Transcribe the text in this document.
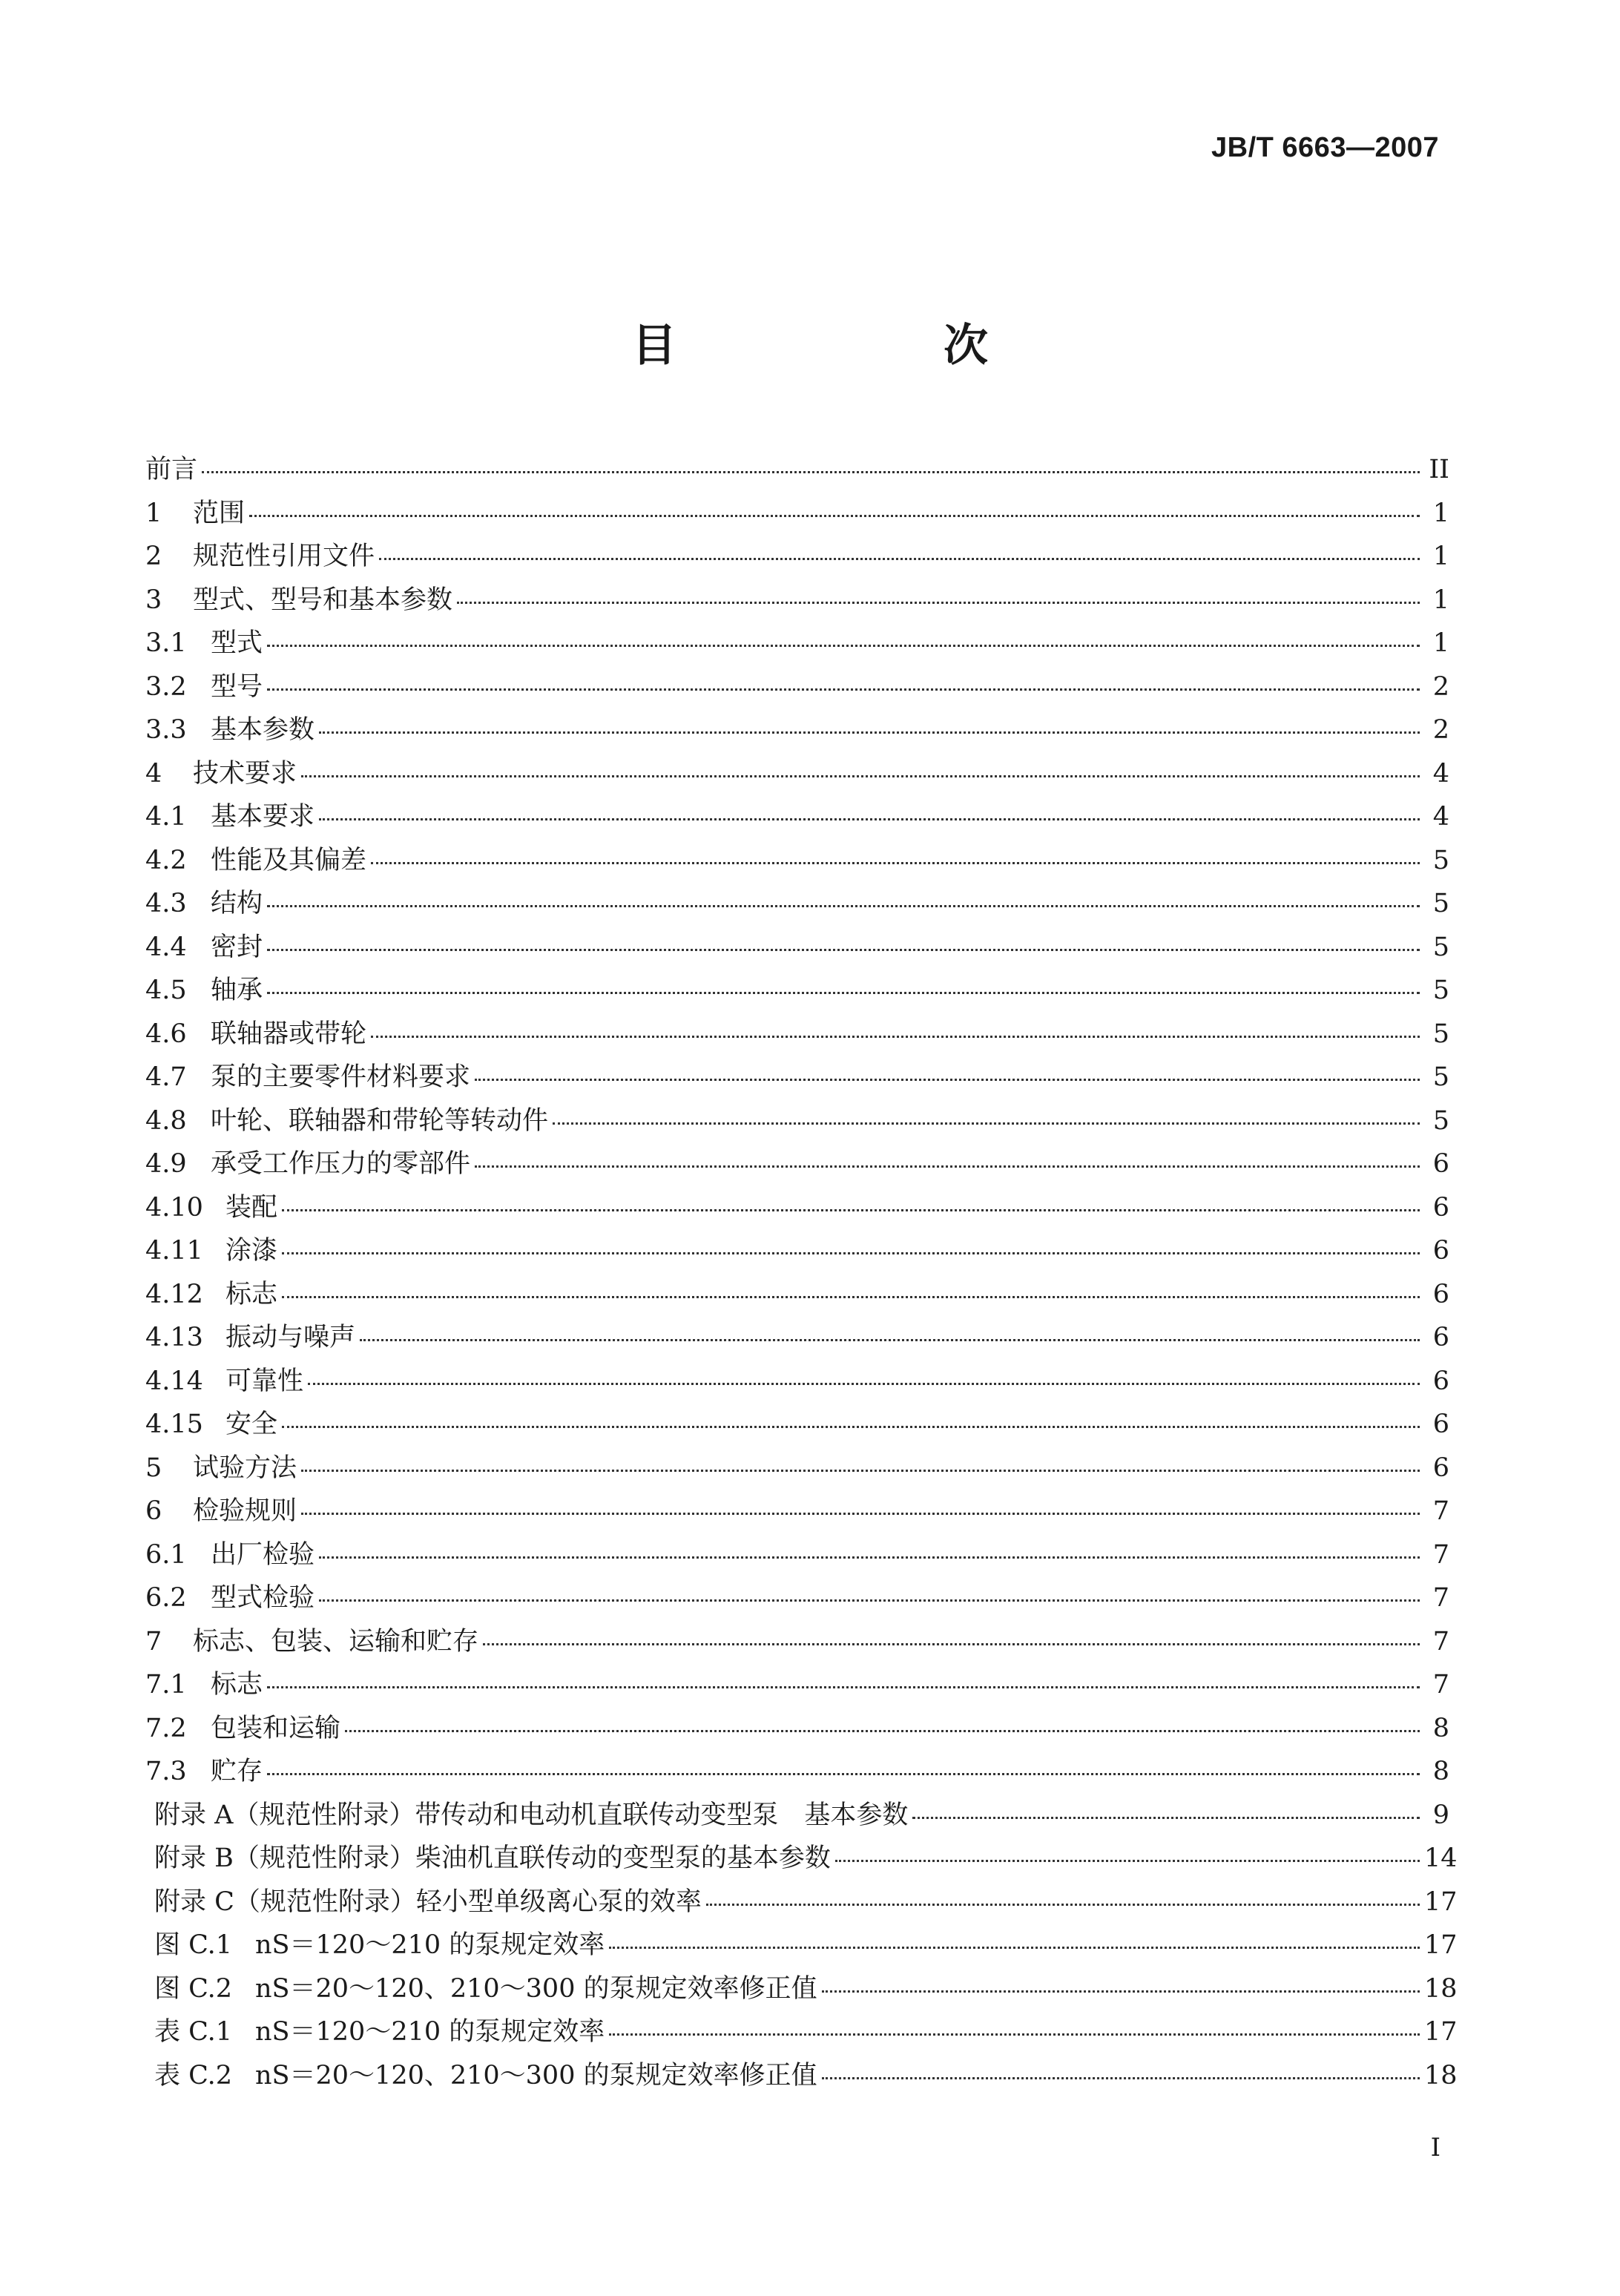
JB/T 6663—2007
目　次
前言	II
1	范围	1
2	规范性引用文件	1
3	型式、型号和基本参数	1
3.1 型式	1
3.2 型号	2
3.3 基本参数	2
4	技术要求	4
4.1 基本要求	4
4.2 性能及其偏差	5
4.3 结构	5
4.4 密封	5
4.5 轴承	5
4.6 联轴器或带轮	5
4.7 泵的主要零件材料要求	5
4.8 叶轮、联轴器和带轮等转动件	5
4.9 承受工作压力的零部件	6
4.10 装配	6
4.11 涂漆	6
4.12 标志	6
4.13 振动与噪声	6
4.14 可靠性	6
4.15 安全	6
5	试验方法	6
6	检验规则	7
6.1 出厂检验	7
6.2 型式检验	7
7	标志、包装、运输和贮存	7
7.1 标志	7
7.2 包装和运输	8
7.3 贮存	8
附录 A（规范性附录）带传动和电动机直联传动变型泵　基本参数	9
附录 B（规范性附录）柴油机直联传动的变型泵的基本参数	14
附录 C（规范性附录）轻小型单级离心泵的效率	17
图 C.1 nS＝120～210 的泵规定效率	17
图 C.2 nS＝20～120、210～300 的泵规定效率修正值	18
表 C.1 nS＝120～210 的泵规定效率	17
表 C.2 nS＝20～120、210～300 的泵规定效率修正值	18
I
